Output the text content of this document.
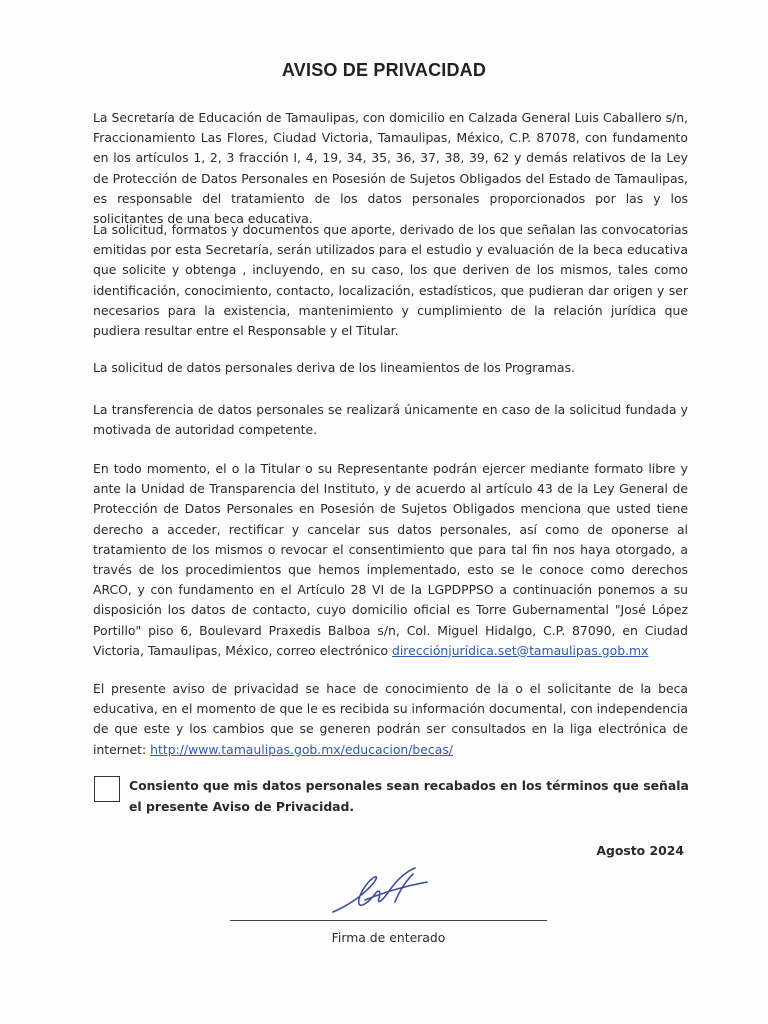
AVISO DE PRIVACIDAD

La Secretaría de Educación de Tamaulipas, con domicilio en Calzada General Luis Caballero s/n, Fraccionamiento Las Flores, Ciudad Victoria, Tamaulipas, México, C.P. 87078, con fundamento en los artículos 1, 2, 3 fracción I, 4, 19, 34, 35, 36, 37, 38, 39, 62 y demás relativos de la Ley de Protección de Datos Personales en Posesión de Sujetos Obligados del Estado de Tamaulipas, es responsable del tratamiento de los datos personales proporcionados por las y los solicitantes de una beca educativa.

La solicitud, formatos y documentos que aporte, derivado de los que señalan las convocatorias emitidas por esta Secretaría, serán utilizados para el estudio y evaluación de la beca educativa que solicite y obtenga , incluyendo, en su caso, los que deriven de los mismos, tales como identificación, conocimiento, contacto, localización, estadísticos, que pudieran dar origen y ser necesarios para la existencia, mantenimiento y cumplimiento de la relación jurídica que pudiera resultar entre el Responsable y el Titular.

La solicitud de datos personales deriva de los lineamientos de los Programas.

La transferencia de datos personales se realizará únicamente en caso de la solicitud fundada y motivada de autoridad competente.

En todo momento, el o la Titular o su Representante podrán ejercer mediante formato libre y ante la Unidad de Transparencia del Instituto, y de acuerdo al artículo 43 de la Ley General de Protección de Datos Personales en Posesión de Sujetos Obligados menciona que usted tiene derecho a acceder, rectificar y cancelar sus datos personales, así como de oponerse al tratamiento de los mismos o revocar el consentimiento que para tal fin nos haya otorgado, a través de los procedimientos que hemos implementado, esto se le conoce como derechos ARCO, y con fundamento en el Artículo 28 VI de la LGPDPPSO a continuación ponemos a su disposición los datos de contacto, cuyo domicilio oficial es Torre Gubernamental "José López Portillo" piso 6, Boulevard Praxedis Balboa s/n, Col. Miguel Hidalgo, C.P. 87090, en Ciudad Victoria, Tamaulipas, México, correo electrónico direcciónjurídica.set@tamaulipas.gob.mx

El presente aviso de privacidad se hace de conocimiento de la o el solicitante de la beca educativa, en el momento de que le es recibida su información documental, con independencia de que este y los cambios que se generen podrán ser consultados en la liga electrónica de internet: http://www.tamaulipas.gob.mx/educacion/becas/

Consiento que mis datos personales sean recabados en los términos que señala el presente Aviso de Privacidad.

Agosto 2024

Firma de enterado
